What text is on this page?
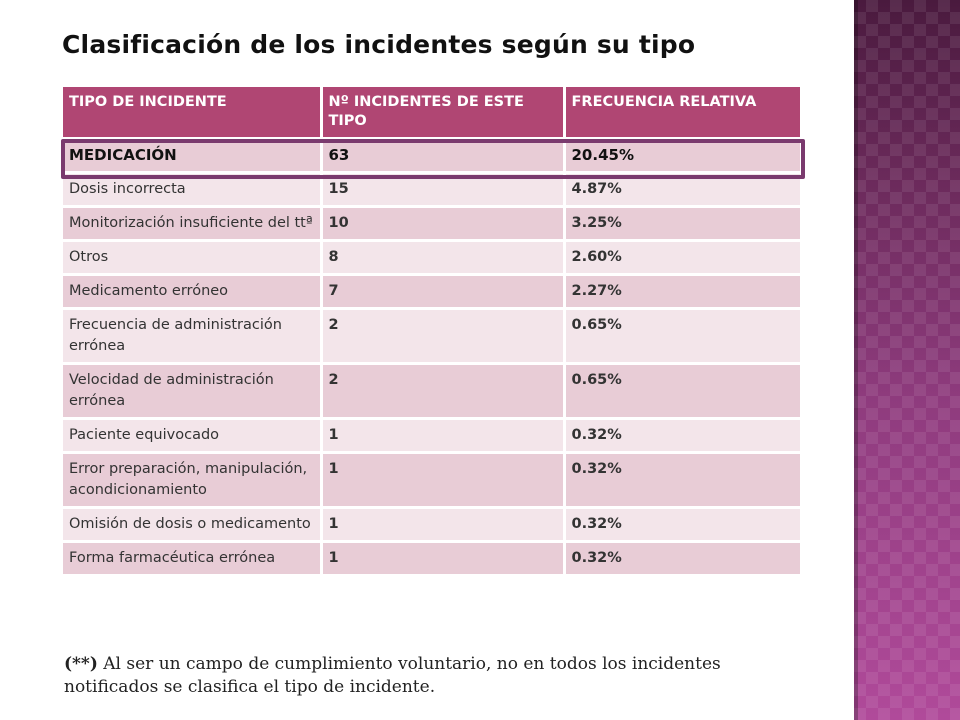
Clasificación de los incidentes según su tipo
TIPO DE INCIDENTE	Nº INCIDENTES DE ESTE TIPO	FRECUENCIA RELATIVA
MEDICACIÓN	63	20.45%
Dosis incorrecta	15	4.87%
Monitorización insuficiente del ttª	10	3.25%
Otros	8	2.60%
Medicamento erróneo	7	2.27%
Frecuencia de administración errónea	2	0.65%
Velocidad de administración errónea	2	0.65%
Paciente equivocado	1	0.32%
Error preparación, manipulación, acondicionamiento	1	0.32%
Omisión de dosis o medicamento	1	0.32%
Forma farmacéutica errónea	1	0.32%
(**) Al ser un campo de cumplimiento voluntario, no en todos los incidentes notificados se clasifica el tipo de incidente.
